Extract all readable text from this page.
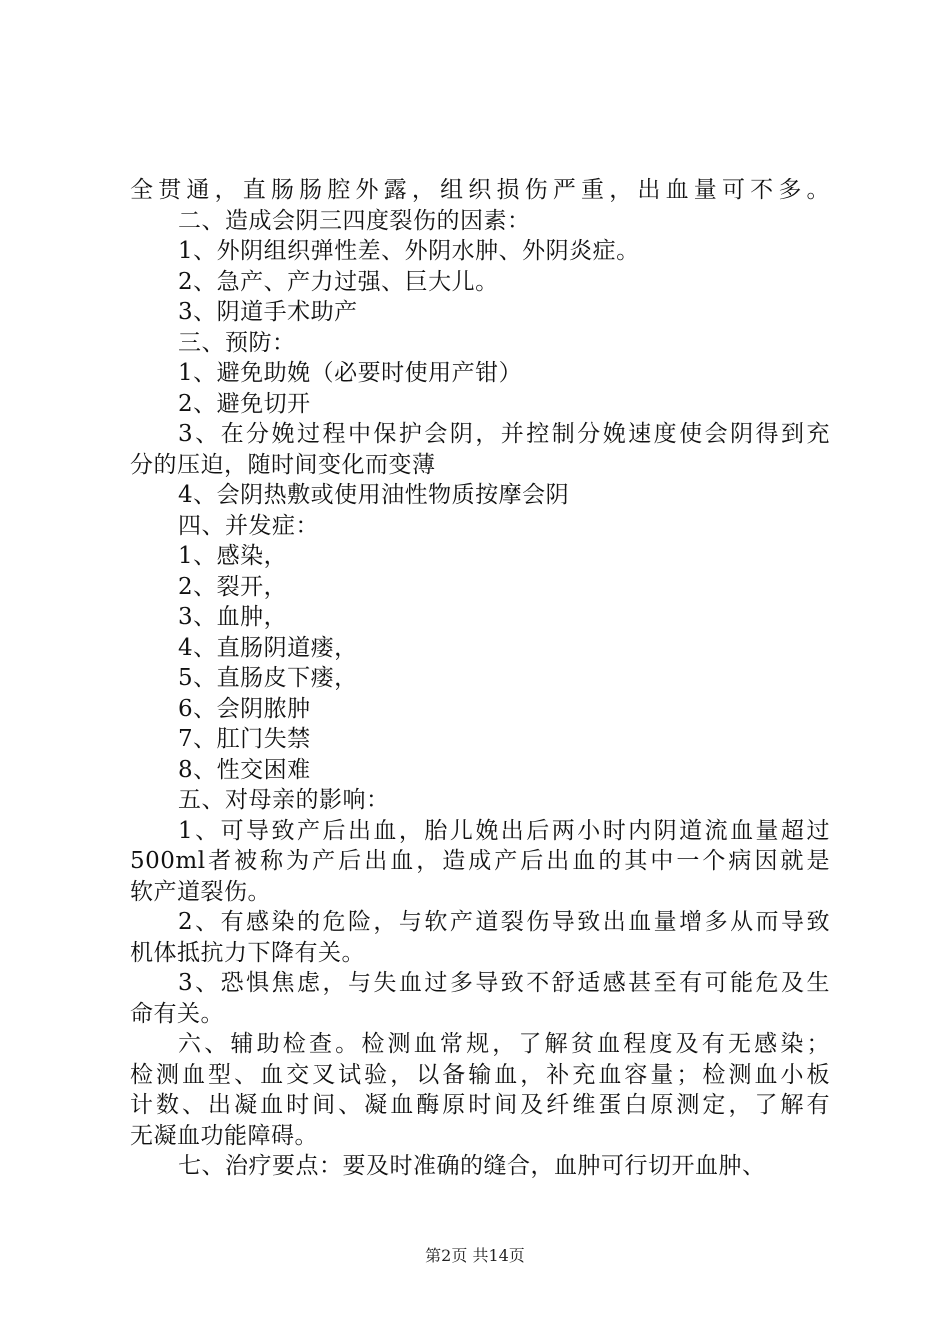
全贯通，直肠肠腔外露，组织损伤严重，出血量可不多。
二、造成会阴三四度裂伤的因素：
1、外阴组织弹性差、外阴水肿、外阴炎症。
2、急产、产力过强、巨大儿。
3、阴道手术助产
三、预防：
1、避免助娩（必要时使用产钳）
2、避免切开
3、在分娩过程中保护会阴，并控制分娩速度使会阴得到充
分的压迫，随时间变化而变薄
4、会阴热敷或使用油性物质按摩会阴
四、并发症：
1、感染，
2、裂开，
3、血肿，
4、直肠阴道瘘，
5、直肠皮下瘘，
6、会阴脓肿
7、肛门失禁
8、性交困难
五、对母亲的影响：
1、可导致产后出血，胎儿娩出后两小时内阴道流血量超过
500ml者被称为产后出血，造成产后出血的其中一个病因就是
软产道裂伤。
2、有感染的危险，与软产道裂伤导致出血量增多从而导致
机体抵抗力下降有关。
3、恐惧焦虑，与失血过多导致不舒适感甚至有可能危及生
命有关。
六、辅助检查。检测血常规，了解贫血程度及有无感染；
检测血型、血交叉试验，以备输血，补充血容量；检测血小板
计数、出凝血时间、凝血酶原时间及纤维蛋白原测定，了解有
无凝血功能障碍。
七、治疗要点：要及时准确的缝合，血肿可行切开血肿、
第2页 共14页
